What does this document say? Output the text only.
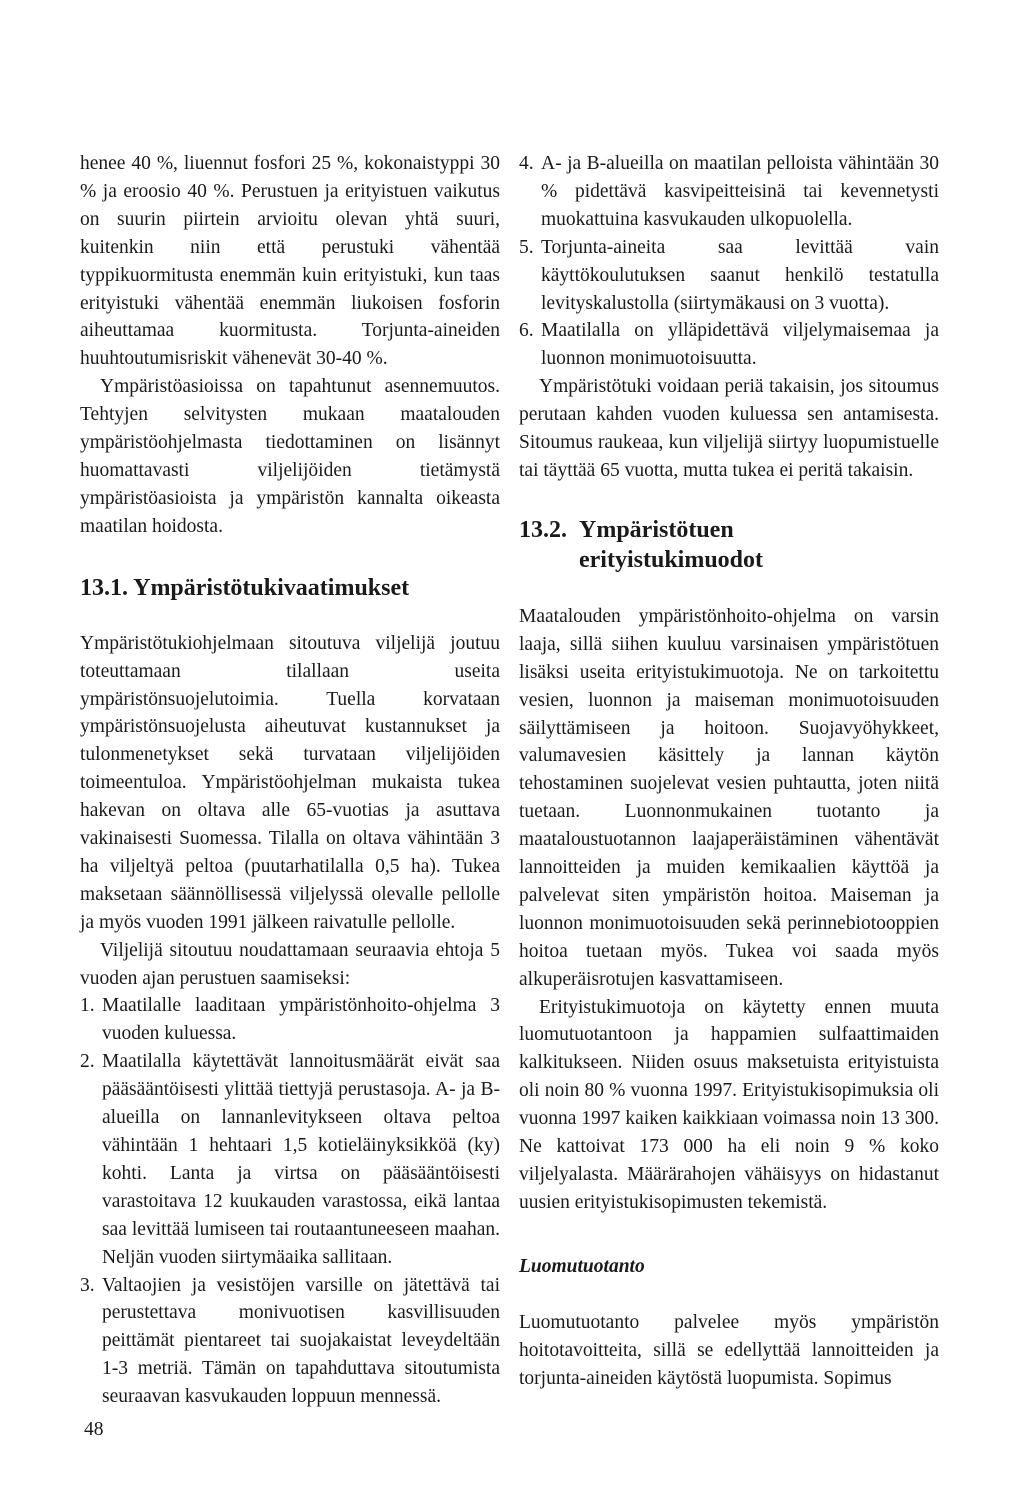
henee 40 %, liuennut fosfori 25 %, kokonaistyppi 30 % ja eroosio 40 %. Perustuen ja erityistuen vaikutus on suurin piirtein arvioitu olevan yhtä suuri, kuitenkin niin että perustuki vähentää typpikuormitusta enemmän kuin erityistuki, kun taas erityistuki vähentää enemmän liukoisen fosforin aiheuttamaa kuormitusta. Torjunta-aineiden huuhtoutumisriskit vähenevät 30-40 %.

Ympäristöasioissa on tapahtunut asennemuutos. Tehtyjen selvitysten mukaan maatalouden ympäristöohjelmasta tiedottaminen on lisännyt huomattavasti viljelijöiden tietämystä ympäristöasioista ja ympäristön kannalta oikeasta maatilan hoidosta.

13.1. Ympäristötukivaatimukset

Ympäristötukiohjelmaan sitoutuva viljelijä joutuu toteuttamaan tilallaan useita ympäristönsuojelutoimia. Tuella korvataan ympäristönsuojelusta aiheutuvat kustannukset ja tulonmenetykset sekä turvataan viljelijöiden toimeentuloa. Ympäristöohjelman mukaista tukea hakevan on oltava alle 65-vuotias ja asuttava vakinaisesti Suomessa. Tilalla on oltava vähintään 3 ha viljeltyä peltoa (puutarhatilalla 0,5 ha). Tukea maksetaan säännöllisessä viljelyssä olevalle pellolle ja myös vuoden 1991 jälkeen raivatulle pellolle.

Viljelijä sitoutuu noudattamaan seuraavia ehtoja 5 vuoden ajan perustuen saamiseksi:

1. Maatilalle laaditaan ympäristönhoito-ohjelma 3 vuoden kuluessa.
2. Maatilalla käytettävät lannoitusmäärät eivät saa pääsääntöisesti ylittää tiettyjä perustasoja. A- ja B-alueilla on lannanlevitykseen oltava peltoa vähintään 1 hehtaari 1,5 kotieläinyksikköä (ky) kohti. Lanta ja virtsa on pääsääntöisesti varastoitava 12 kuukauden varastossa, eikä lantaa saa levittää lumiseen tai routaantuneeseen maahan. Neljän vuoden siirtymäaika sallitaan.
3. Valtaojien ja vesistöjen varsille on jätettävä tai perustettava monivuotisen kasvillisuuden peittämät pientareet tai suojakaistat leveydeltään 1-3 metriä. Tämän on tapahduttava sitoutumista seuraavan kasvukauden loppuun mennessä.
4. A- ja B-alueilla on maatilan pelloista vähintään 30 % pidettävä kasvipeitteisinä tai kevennetysti muokattuina kasvukauden ulkopuolella.
5. Torjunta-aineita saa levittää vain käyttökoulutuksen saanut henkilö testatulla levityskalustolla (siirtymäkausi on 3 vuotta).
6. Maatilalla on ylläpidettävä viljelymaisemaa ja luonnon monimuotoisuutta.

Ympäristötuki voidaan periä takaisin, jos sitoumus perutaan kahden vuoden kuluessa sen antamisesta. Sitoumus raukeaa, kun viljelijä siirtyy luopumistuelle tai täyttää 65 vuotta, mutta tukea ei peritä takaisin.

13.2. Ympäristötuen
erityistukimuodot

Maatalouden ympäristönhoito-ohjelma on varsin laaja, sillä siihen kuuluu varsinaisen ympäristötuen lisäksi useita erityistukimuotoja. Ne on tarkoitettu vesien, luonnon ja maiseman monimuotoisuuden säilyttämiseen ja hoitoon. Suojavyöhykkeet, valumavesien käsittely ja lannan käytön tehostaminen suojelevat vesien puhtautta, joten niitä tuetaan. Luonnonmukainen tuotanto ja maataloustuotannon laajaperäistäminen vähentävät lannoitteiden ja muiden kemikaalien käyttöä ja palvelevat siten ympäristön hoitoa. Maiseman ja luonnon monimuotoisuuden sekä perinnebiotooppien hoitoa tuetaan myös. Tukea voi saada myös alkuperäisrotujen kasvattamiseen.

Erityistukimuotoja on käytetty ennen muuta luomutuotantoon ja happamien sulfaattimaiden kalkitukseen. Niiden osuus maksetuista erityistuista oli noin 80 % vuonna 1997. Erityistukisopimuksia oli vuonna 1997 kaiken kaikkiaan voimassa noin 13 300. Ne kattoivat 173 000 ha eli noin 9 % koko viljelyalasta. Määrärahojen vähäisyys on hidastanut uusien erityistukisopimusten tekemistä.

Luomutuotanto

Luomutuotanto palvelee myös ympäristön hoitotavoitteita, sillä se edellyttää lannoitteiden ja torjunta-aineiden käytöstä luopumista. Sopimus

48
